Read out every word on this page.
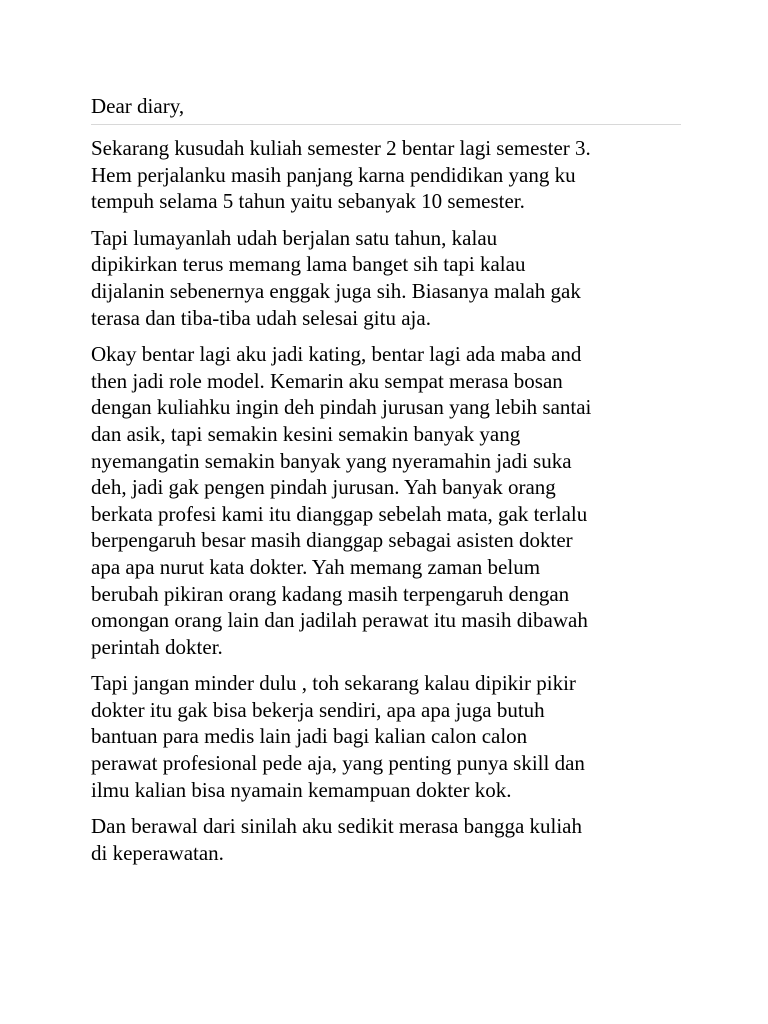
Dear diary,

Sekarang kusudah kuliah semester 2 bentar lagi semester 3.
Hem perjalanku masih panjang karna pendidikan yang ku
tempuh selama 5 tahun yaitu sebanyak 10 semester.

Tapi lumayanlah udah berjalan satu tahun, kalau
dipikirkan terus memang lama banget sih tapi kalau
dijalanin sebenernya enggak juga sih. Biasanya malah gak
terasa dan tiba-tiba udah selesai gitu aja.

Okay bentar lagi aku jadi kating, bentar lagi ada maba and
then jadi role model. Kemarin aku sempat merasa bosan
dengan kuliahku ingin deh pindah jurusan yang lebih santai
dan asik, tapi semakin kesini semakin banyak yang
nyemangatin semakin banyak yang nyeramahin jadi suka
deh, jadi gak pengen pindah jurusan. Yah banyak orang
berkata profesi kami itu dianggap sebelah mata, gak terlalu
berpengaruh besar masih dianggap sebagai asisten dokter
apa apa nurut kata dokter. Yah memang zaman belum
berubah pikiran orang kadang masih terpengaruh dengan
omongan orang lain dan jadilah perawat itu masih dibawah
perintah dokter.

Tapi jangan minder dulu , toh sekarang kalau dipikir pikir
dokter itu gak bisa bekerja sendiri, apa apa juga butuh
bantuan para medis lain jadi bagi kalian calon calon
perawat profesional pede aja, yang penting punya skill dan
ilmu kalian bisa nyamain kemampuan dokter kok.

Dan berawal dari sinilah aku sedikit merasa bangga kuliah
di keperawatan.
